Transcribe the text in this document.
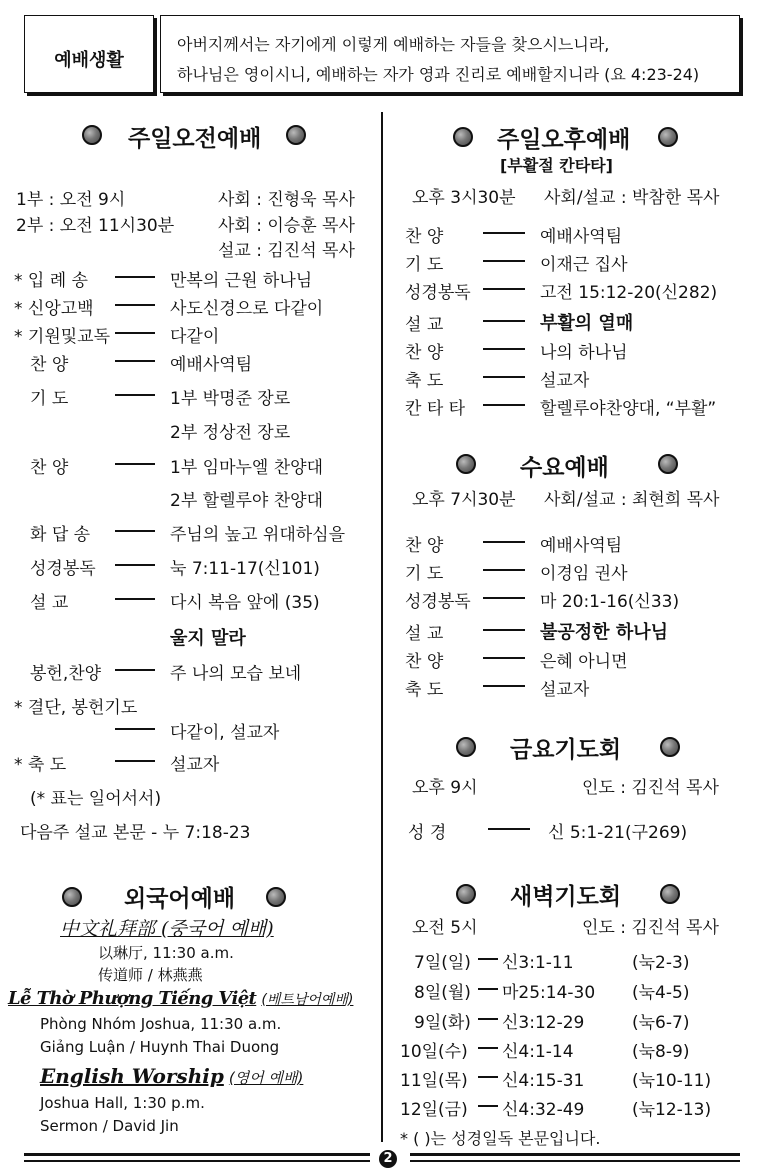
예배생활
아버지께서는 자기에게 이렇게 예배하는 자들을 찾으시느니라,
하나님은 영이시니, 예배하는 자가 영과 진리로 예배할지니라 (요 4:23-24)
주일오전예배
1부 : 오전 9시	사회 : 진형욱 목사
2부 : 오전 11시30분	사회 : 이승훈 목사
설교 : 김진석 목사
* 입 례 송	만복의 근원 하나님
* 신앙고백	사도신경으로 다같이
* 기원및교독	다같이
찬 양	예배사역팀
기 도	1부 박명준 장로
2부 정상전 장로
찬 양	1부 임마누엘 찬양대
2부 할렐루야 찬양대
화 답 송	주님의 높고 위대하심을
성경봉독	눅 7:11-17(신101)
설 교	다시 복음 앞에 (35)
울지 말라
봉헌,찬양	주 나의 모습 보네
* 결단, 봉헌기도
다같이, 설교자
* 축 도	설교자
(* 표는 일어서서)
다음주 설교 본문 - 누 7:18-23
외국어예배
中文礼拜部 (중국어 예배)
以琳厅, 11:30 a.m.
传道师 / 林燕燕
Lễ Thờ Phượng Tiếng Việt (베트남어예배)
Phòng Nhóm Joshua, 11:30 a.m.
Giảng Luận / Huynh Thai Duong
English Worship (영어 예배)
Joshua Hall, 1:30 p.m.
Sermon / David Jin
주일오후예배
[부활절 칸타타]
오후 3시30분 사회/설교 : 박참한 목사
찬 양	예배사역팀
기 도	이재근 집사
성경봉독	고전 15:12-20(신282)
설 교	부활의 열매
찬 양	나의 하나님
축 도	설교자
칸 타 타	할렐루야찬양대, “부활”
수요예배
오후 7시30분 사회/설교 : 최현희 목사
찬 양	예배사역팀
기 도	이경임 권사
성경봉독	마 20:1-16(신33)
설 교	불공정한 하나님
찬 양	은혜 아니면
축 도	설교자
금요기도회
오후 9시	인도 : 김진석 목사
성 경	신 5:1-21(구269)
새벽기도회
오전 5시	인도 : 김진석 목사
7일(일) 신3:1-11	(눅2-3)
8일(월) 마25:14-30 (눅4-5)
9일(화) 신3:12-29	(눅6-7)
10일(수) 신4:1-14	(눅8-9)
11일(목) 신4:15-31	(눅10-11)
12일(금) 신4:32-49	(눅12-13)
* ( )는 성경일독 본문입니다.
2
